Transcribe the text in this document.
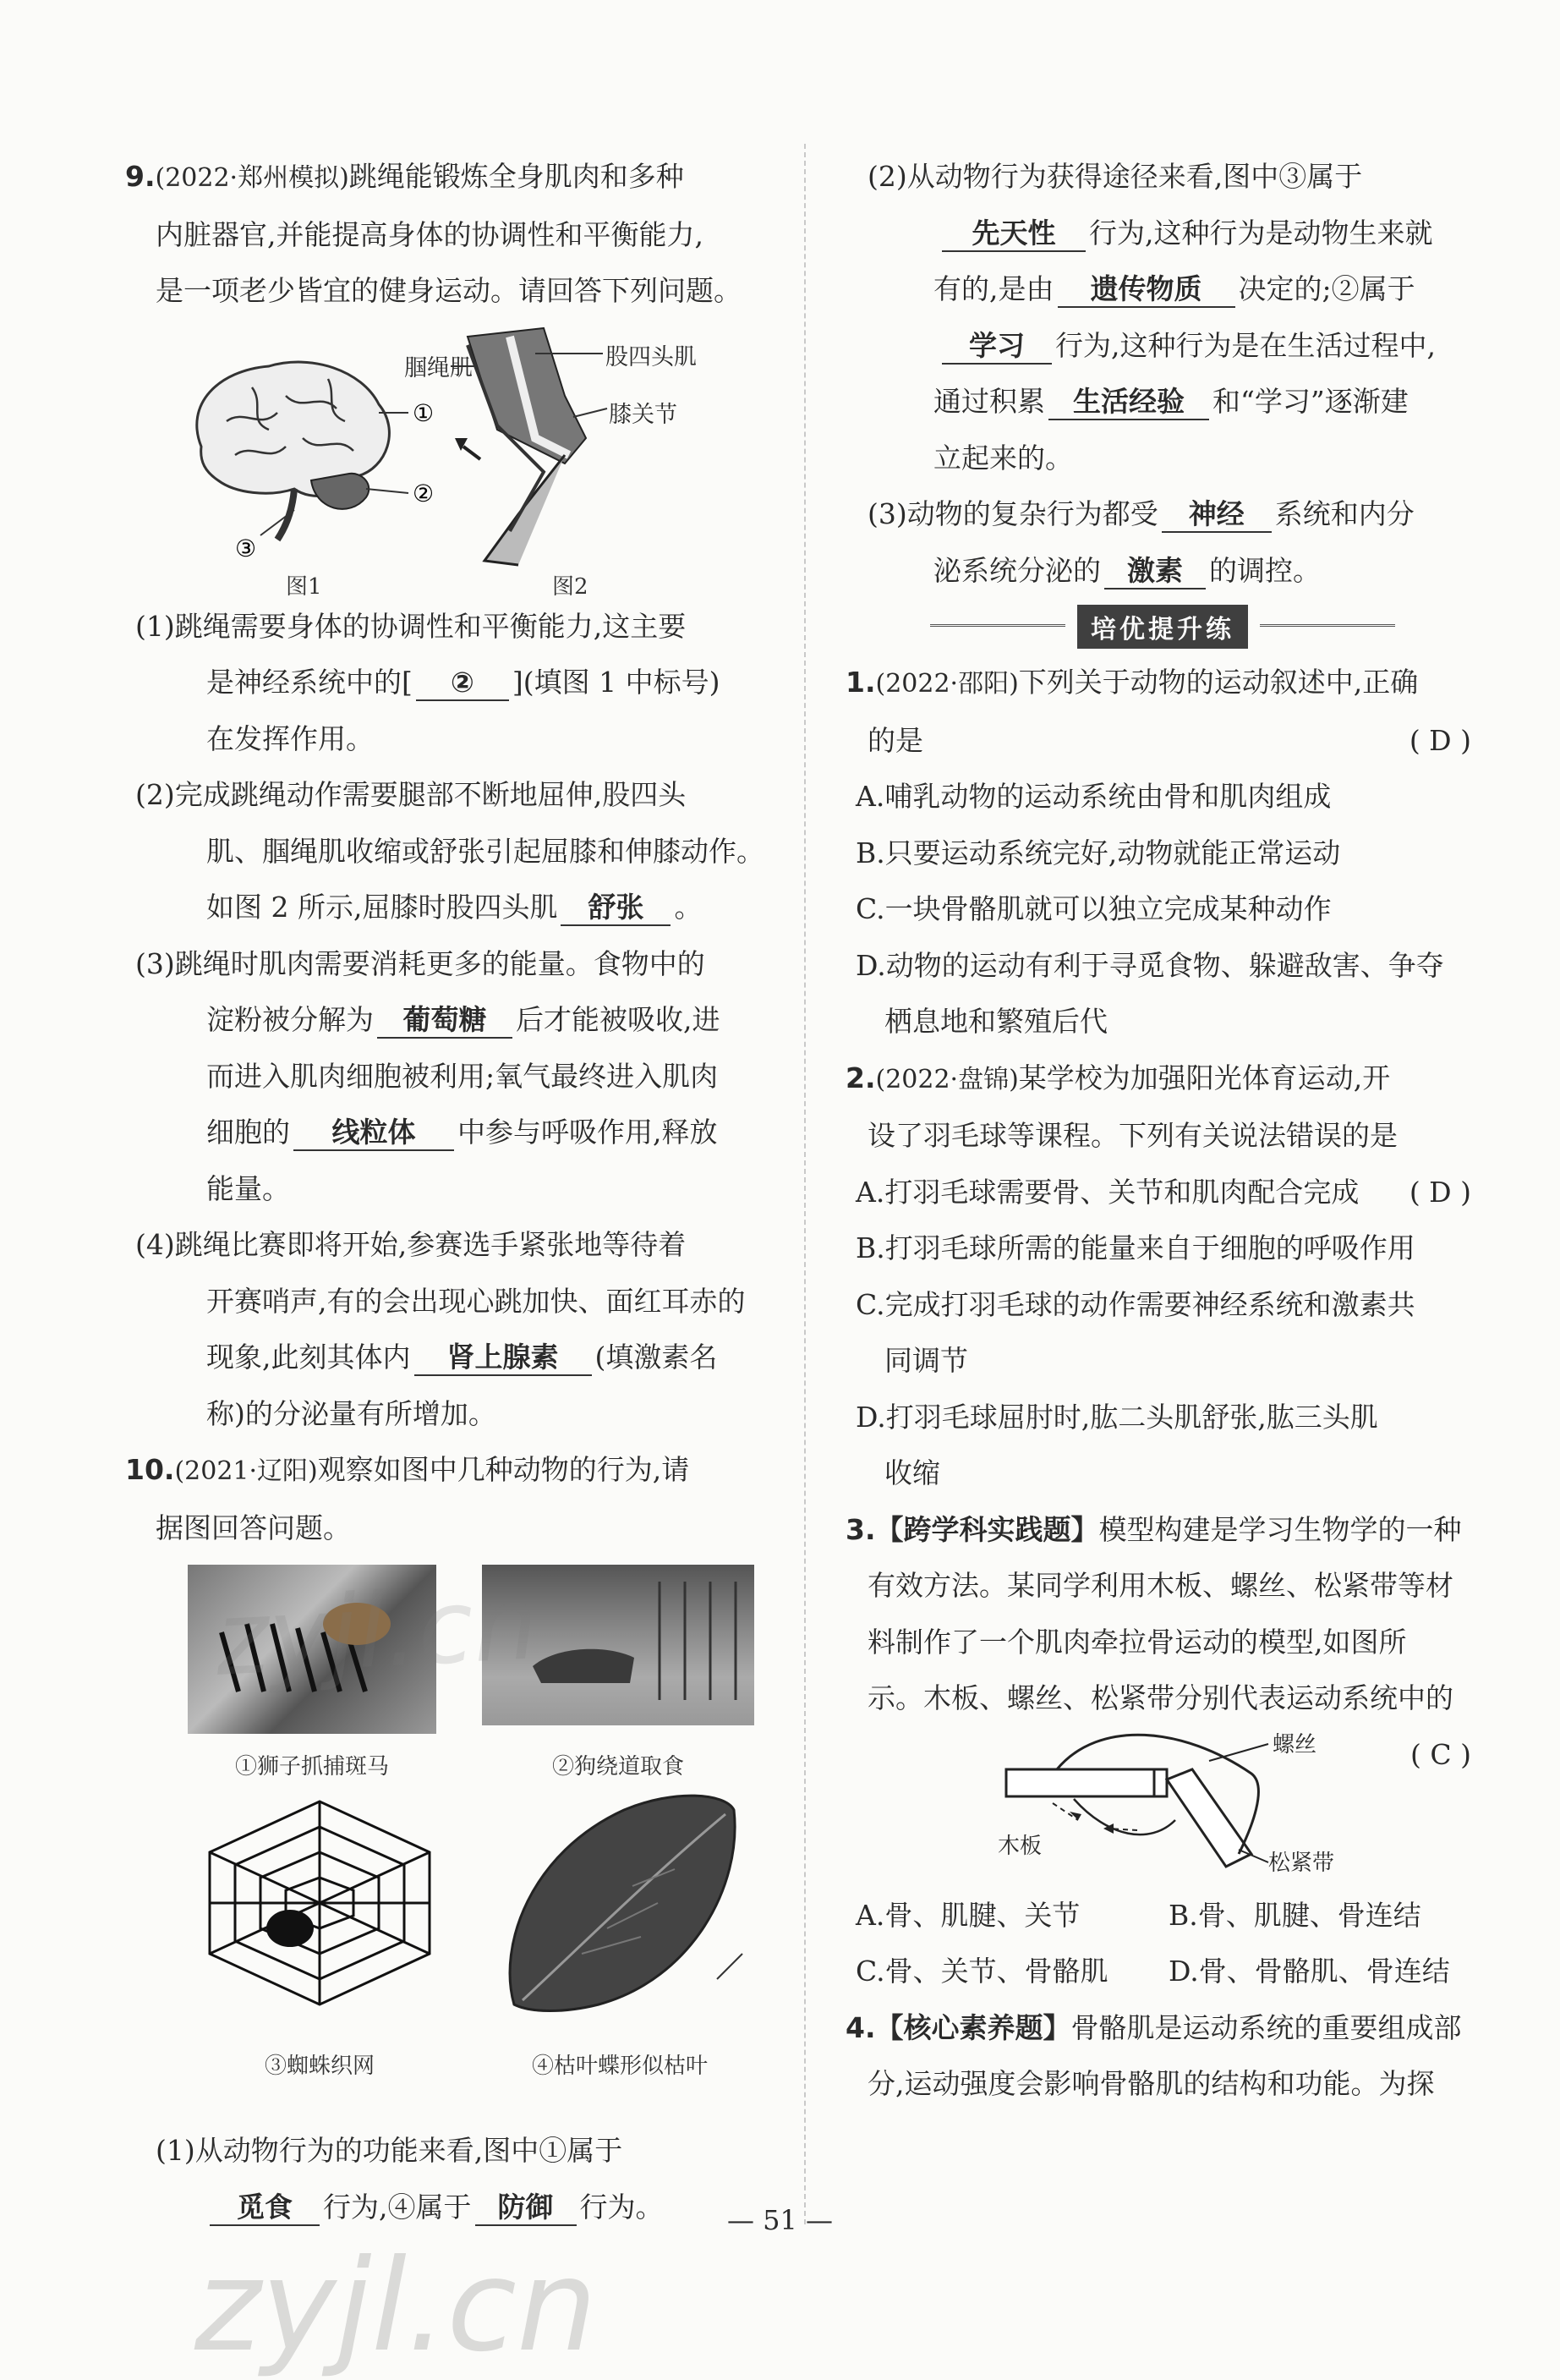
9.(2022·郑州模拟)跳绳能锻炼全身肌肉和多种
内脏器官,并能提高身体的协调性和平衡能力,
是一项老少皆宜的健身运动。请回答下列问题。
①
②
③
图1
腘绳肌	股四头肌
膝关节
图2
(1)跳绳需要身体的协调性和平衡能力,这主要
是神经系统中的[ ② ](填图 1 中标号)
在发挥作用。
(2)完成跳绳动作需要腿部不断地屈伸,股四头
肌、腘绳肌收缩或舒张引起屈膝和伸膝动作。
如图 2 所示,屈膝时股四头肌 舒张 。
(3)跳绳时肌肉需要消耗更多的能量。食物中的
淀粉被分解为 葡萄糖 后才能被吸收,进
而进入肌肉细胞被利用;氧气最终进入肌肉
细胞的 线粒体 中参与呼吸作用,释放
能量。
(4)跳绳比赛即将开始,参赛选手紧张地等待着
开赛哨声,有的会出现心跳加快、面红耳赤的
现象,此刻其体内 肾上腺素 (填激素名
称)的分泌量有所增加。
10.(2021·辽阳)观察如图中几种动物的行为,请
据图回答问题。
①狮子抓捕斑马	②狗绕道取食
③蜘蛛织网	④枯叶蝶形似枯叶
(1)从动物行为的功能来看,图中①属于
觅食 行为,④属于 防御 行为。
(2)从动物行为获得途径来看,图中③属于
先天性 行为,这种行为是动物生来就
有的,是由 遗传物质 决定的;②属于
学习 行为,这种行为是在生活过程中,
通过积累 生活经验 和“学习”逐渐建
立起来的。
(3)动物的复杂行为都受 神经 系统和内分
泌系统分泌的 激素 的调控。
培优提升练
1.(2022·邵阳)下列关于动物的运动叙述中,正确
的是	( D )
A.哺乳动物的运动系统由骨和肌肉组成
B.只要运动系统完好,动物就能正常运动
C.一块骨骼肌就可以独立完成某种动作
D.动物的运动有利于寻觅食物、躲避敌害、争夺
栖息地和繁殖后代
2.(2022·盘锦)某学校为加强阳光体育运动,开
设了羽毛球等课程。下列有关说法错误的是
( D )
A.打羽毛球需要骨、关节和肌肉配合完成
B.打羽毛球所需的能量来自于细胞的呼吸作用
C.完成打羽毛球的动作需要神经系统和激素共
同调节
D.打羽毛球屈肘时,肱二头肌舒张,肱三头肌
收缩
3.【跨学科实践题】模型构建是学习生物学的一种
有效方法。某同学利用木板、螺丝、松紧带等材
料制作了一个肌肉牵拉骨运动的模型,如图所
示。木板、螺丝、松紧带分别代表运动系统中的
( C )
螺丝
木板
松紧带
A.骨、肌腱、关节	B.骨、肌腱、骨连结
C.骨、关节、骨骼肌 D.骨、骨骼肌、骨连结
4.【核心素养题】骨骼肌是运动系统的重要组成部
分,运动强度会影响骨骼肌的结构和功能。为探
zyjl.cn
zyjl.cn
— 51 —
